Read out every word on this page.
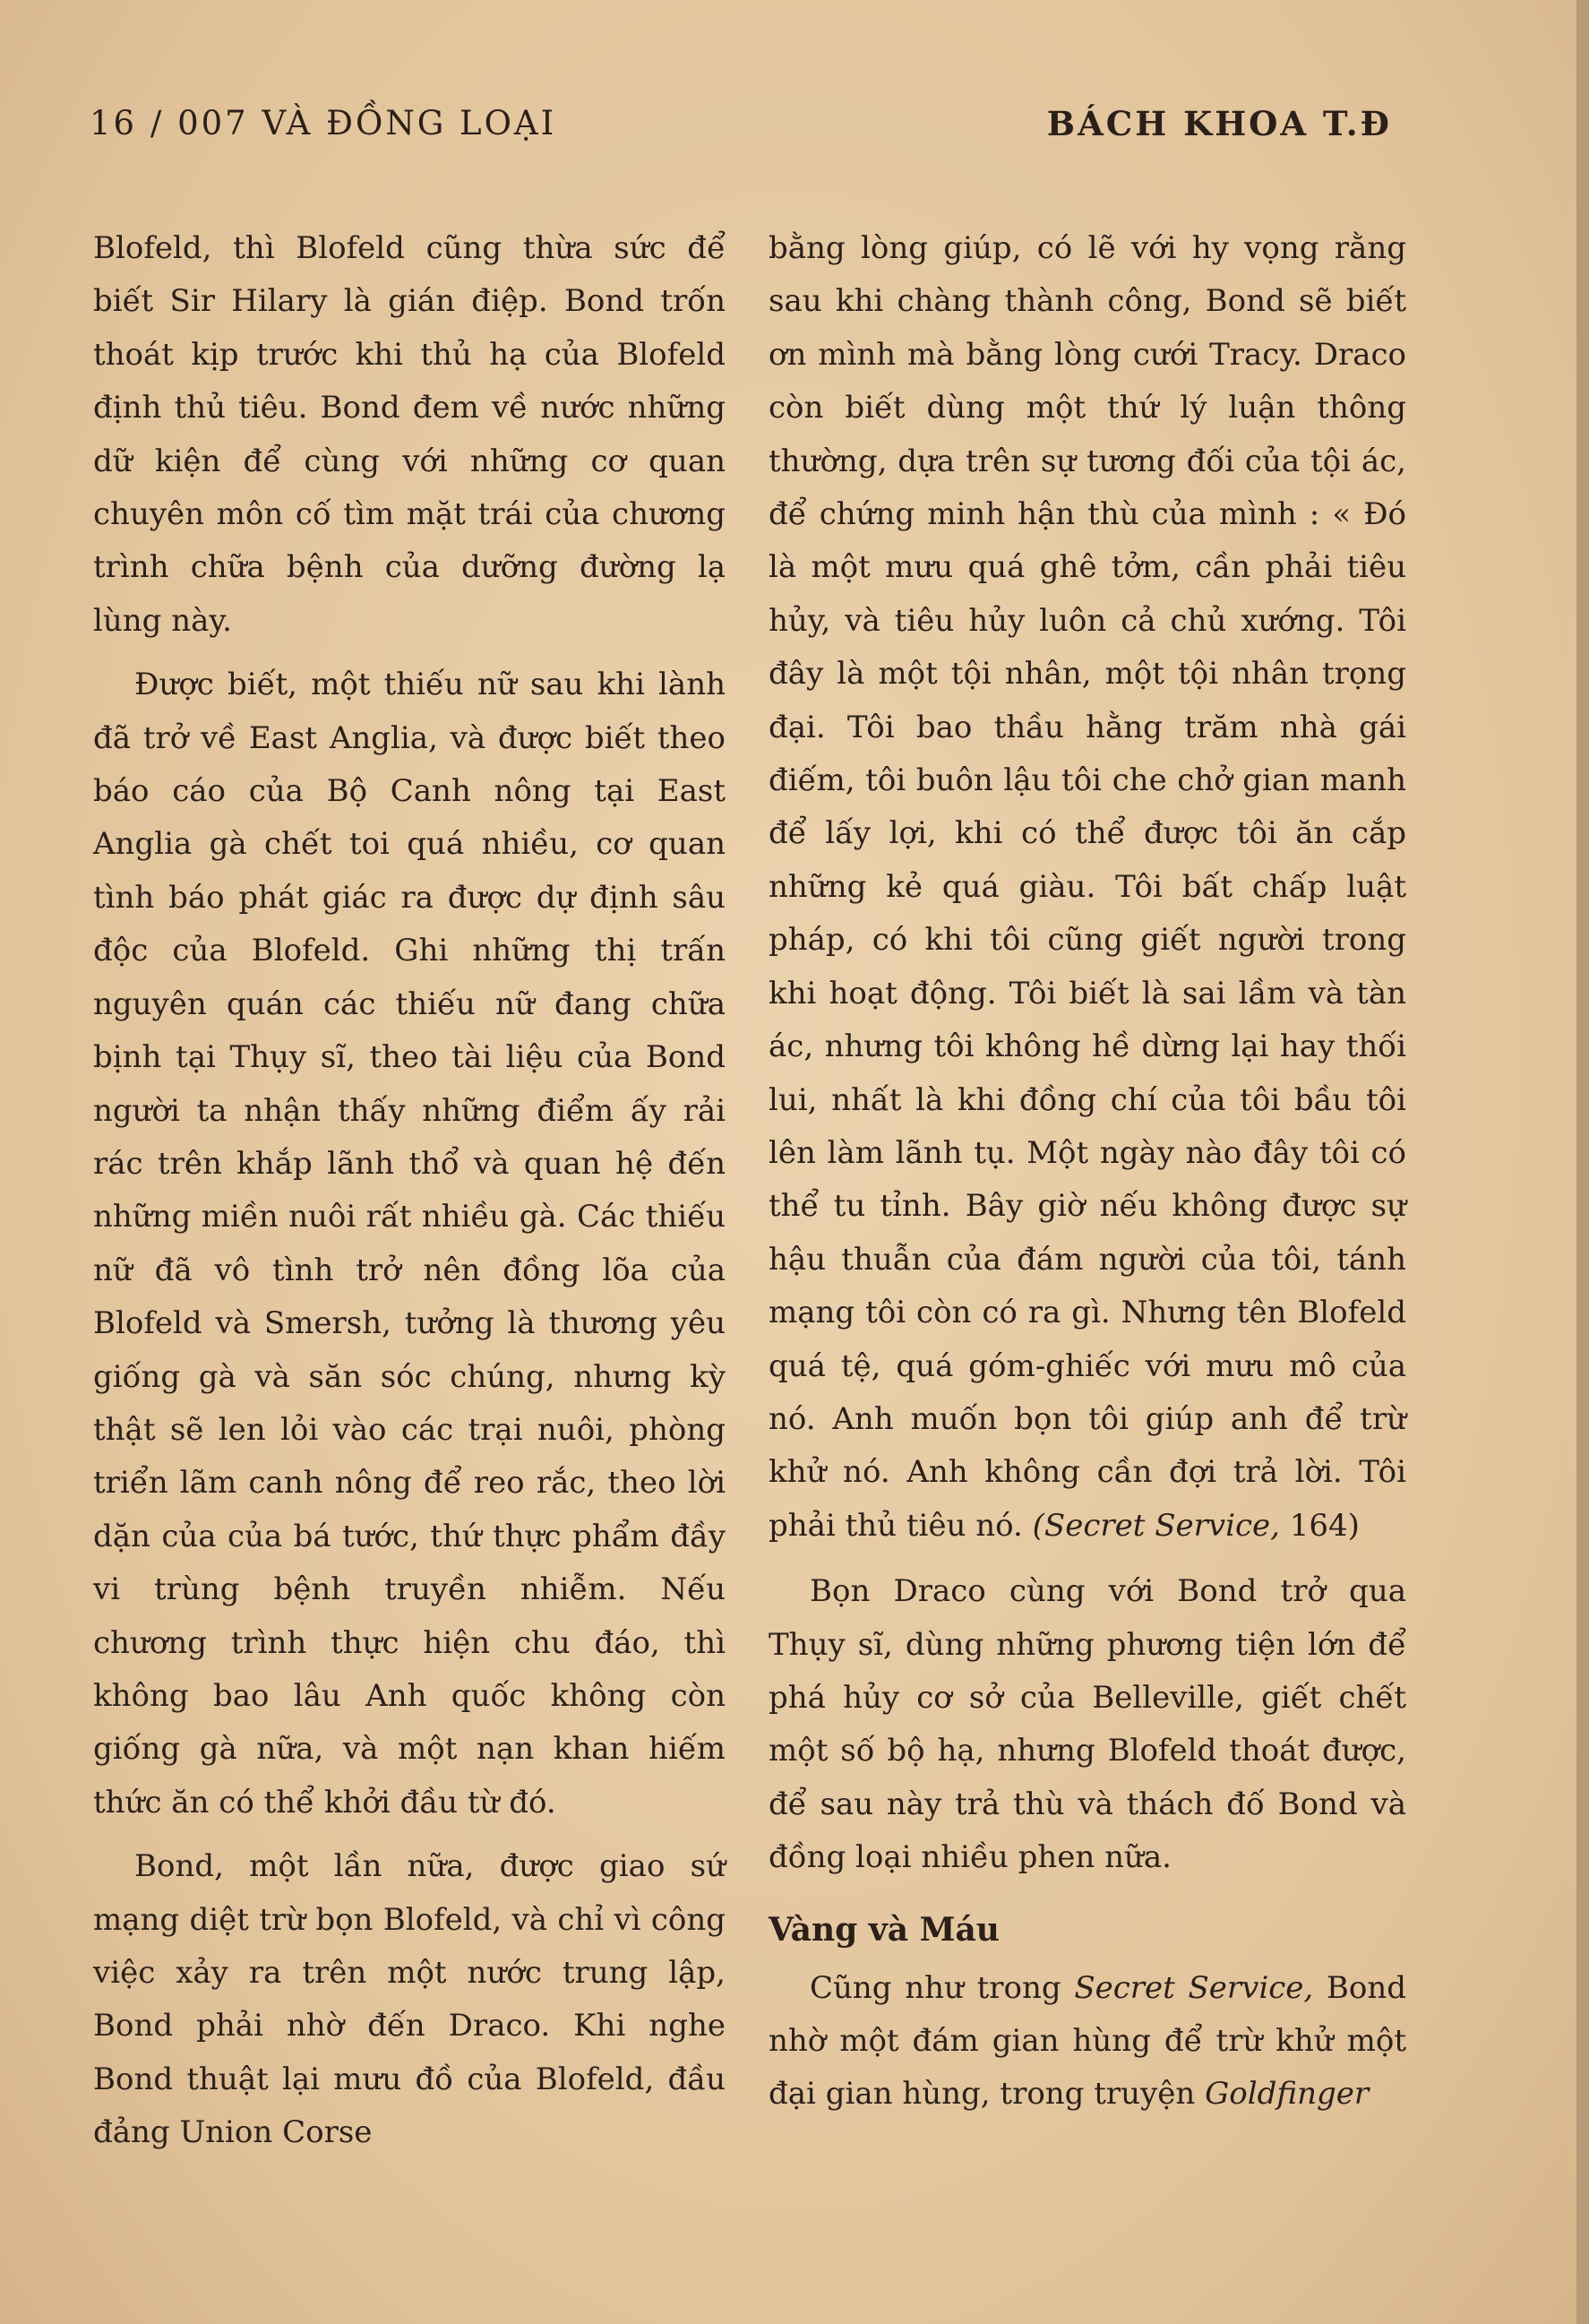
16 / 007 VÀ ĐỒNG LOẠI	BÁCH KHOA T.Đ

Blofeld, thì Blofeld cũng thừa sức để biết Sir Hilary là gián điệp. Bond trốn thoát kịp trước khi thủ hạ của Blofeld định thủ tiêu. Bond đem về nước những dữ kiện để cùng với những cơ quan chuyên môn cố tìm mặt trái của chương trình chữa bệnh của dưỡng đường lạ lùng này.

Được biết, một thiếu nữ sau khi lành đã trở về East Anglia, và được biết theo báo cáo của Bộ Canh nông tại East Anglia gà chết toi quá nhiều, cơ quan tình báo phát giác ra được dự định sâu độc của Blofeld. Ghi những thị trấn nguyên quán các thiếu nữ đang chữa bịnh tại Thụy sĩ, theo tài liệu của Bond người ta nhận thấy những điểm ấy rải rác trên khắp lãnh thổ và quan hệ đến những miền nuôi rất nhiều gà. Các thiếu nữ đã vô tình trở nên đồng lõa của Blofeld và Smersh, tưởng là thương yêu giống gà và săn sóc chúng, nhưng kỳ thật sẽ len lỏi vào các trại nuôi, phòng triển lãm canh nông để reo rắc, theo lời dặn của của bá tước, thứ thực phẩm đầy vi trùng bệnh truyền nhiễm. Nếu chương trình thực hiện chu đáo, thì không bao lâu Anh quốc không còn giống gà nữa, và một nạn khan hiếm thức ăn có thể khởi đầu từ đó.

Bond, một lần nữa, được giao sứ mạng diệt trừ bọn Blofeld, và chỉ vì công việc xảy ra trên một nước trung lập, Bond phải nhờ đến Draco. Khi nghe Bond thuật lại mưu đồ của Blofeld, đầu đảng Union Corse

bằng lòng giúp, có lẽ với hy vọng rằng sau khi chàng thành công, Bond sẽ biết ơn mình mà bằng lòng cưới Tracy. Draco còn biết dùng một thứ lý luận thông thường, dựa trên sự tương đối của tội ác, để chứng minh hận thù của mình : « Đó là một mưu quá ghê tởm, cần phải tiêu hủy, và tiêu hủy luôn cả chủ xướng. Tôi đây là một tội nhân, một tội nhân trọng đại. Tôi bao thầu hằng trăm nhà gái điếm, tôi buôn lậu tôi che chở gian manh để lấy lợi, khi có thể được tôi ăn cắp những kẻ quá giàu. Tôi bất chấp luật pháp, có khi tôi cũng giết người trong khi hoạt động. Tôi biết là sai lầm và tàn ác, nhưng tôi không hề dừng lại hay thối lui, nhất là khi đồng chí của tôi bầu tôi lên làm lãnh tụ. Một ngày nào đây tôi có thể tu tỉnh. Bây giờ nếu không được sự hậu thuẫn của đám người của tôi, tánh mạng tôi còn có ra gì. Nhưng tên Blofeld quá tệ, quá góm-ghiếc với mưu mô của nó. Anh muốn bọn tôi giúp anh để trừ khử nó. Anh không cần đợi trả lời. Tôi phải thủ tiêu nó. (Secret Service, 164)

Bọn Draco cùng với Bond trở qua Thụy sĩ, dùng những phương tiện lớn để phá hủy cơ sở của Belleville, giết chết một số bộ hạ, nhưng Blofeld thoát được, để sau này trả thù và thách đố Bond và đồng loại nhiều phen nữa.

Vàng và Máu

Cũng như trong Secret Service, Bond nhờ một đám gian hùng để trừ khử một đại gian hùng, trong truyện Goldfinger
